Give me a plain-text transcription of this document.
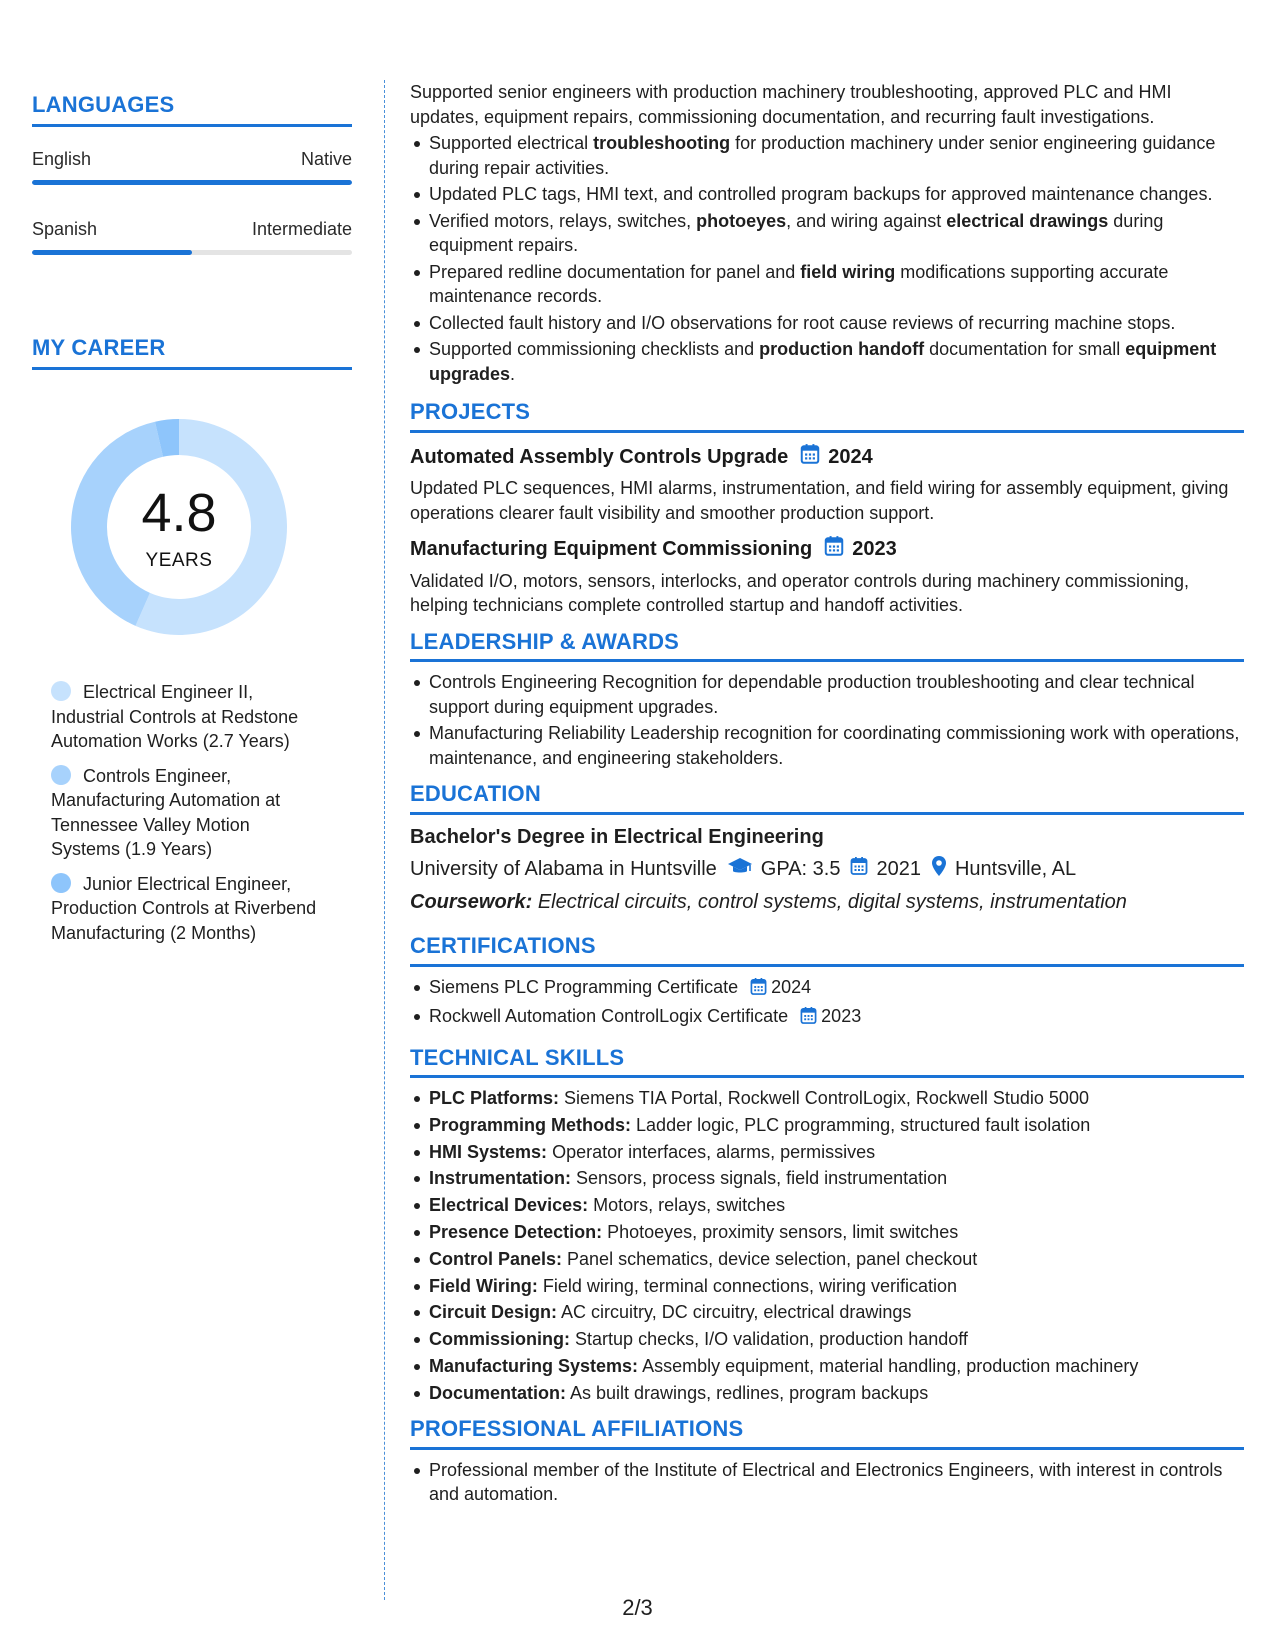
LANGUAGES
English	Native
Spanish	Intermediate
MY CAREER
4.8
YEARS
Electrical Engineer II, Industrial Controls at Redstone Automation Works (2.7 Years)
Controls Engineer, Manufacturing Automation at Tennessee Valley Motion Systems (1.9 Years)
Junior Electrical Engineer, Production Controls at Riverbend Manufacturing (2 Months)
Supported senior engineers with production machinery troubleshooting, approved PLC and HMI updates, equipment repairs, commissioning documentation, and recurring fault investigations.
Supported electrical troubleshooting for production machinery under senior engineering guidance during repair activities.
Updated PLC tags, HMI text, and controlled program backups for approved maintenance changes.
Verified motors, relays, switches, photoeyes, and wiring against electrical drawings during equipment repairs.
Prepared redline documentation for panel and field wiring modifications supporting accurate maintenance records.
Collected fault history and I/O observations for root cause reviews of recurring machine stops.
Supported commissioning checklists and production handoff documentation for small equipment upgrades.
PROJECTS
Automated Assembly Controls Upgrade 2024
Updated PLC sequences, HMI alarms, instrumentation, and field wiring for assembly equipment, giving operations clearer fault visibility and smoother production support.
Manufacturing Equipment Commissioning 2023
Validated I/O, motors, sensors, interlocks, and operator controls during machinery commissioning, helping technicians complete controlled startup and handoff activities.
LEADERSHIP & AWARDS
Controls Engineering Recognition for dependable production troubleshooting and clear technical support during equipment upgrades.
Manufacturing Reliability Leadership recognition for coordinating commissioning work with operations, maintenance, and engineering stakeholders.
EDUCATION
Bachelor's Degree in Electrical Engineering
University of Alabama in Huntsville GPA: 3.5 2021 Huntsville, AL
Coursework: Electrical circuits, control systems, digital systems, instrumentation
CERTIFICATIONS
Siemens PLC Programming Certificate 2024
Rockwell Automation ControlLogix Certificate 2023
TECHNICAL SKILLS
PLC Platforms: Siemens TIA Portal, Rockwell ControlLogix, Rockwell Studio 5000
Programming Methods: Ladder logic, PLC programming, structured fault isolation
HMI Systems: Operator interfaces, alarms, permissives
Instrumentation: Sensors, process signals, field instrumentation
Electrical Devices: Motors, relays, switches
Presence Detection: Photoeyes, proximity sensors, limit switches
Control Panels: Panel schematics, device selection, panel checkout
Field Wiring: Field wiring, terminal connections, wiring verification
Circuit Design: AC circuitry, DC circuitry, electrical drawings
Commissioning: Startup checks, I/O validation, production handoff
Manufacturing Systems: Assembly equipment, material handling, production machinery
Documentation: As built drawings, redlines, program backups
PROFESSIONAL AFFILIATIONS
Professional member of the Institute of Electrical and Electronics Engineers, with interest in controls and automation.
2/3
